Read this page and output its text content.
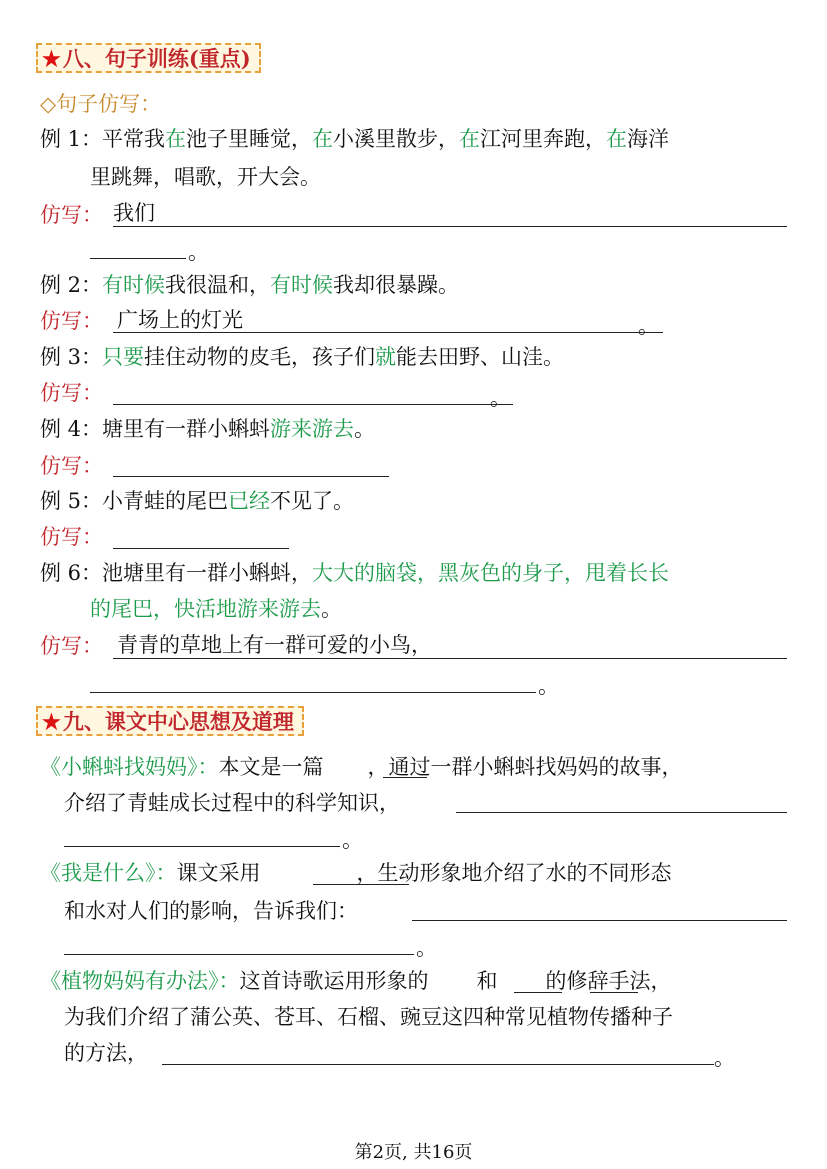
★ 八、句子训练(重点)
◇句子仿写：
例 1：平常我在池子里睡觉，在小溪里散步，在江河里奔跑，在海洋
里跳舞，唱歌，开大会。
仿写： 我们
。
例 2：有时候我很温和，有时候我却很暴躁。
仿写： 广场上的灯光	。
例 3：只要挂住动物的皮毛，孩子们就能去田野、山洼。
仿写：	。
例 4：塘里有一群小蝌蚪游来游去。
仿写：
例 5：小青蛙的尾巴已经不见了。
仿写：
例 6：池塘里有一群小蝌蚪，大大的脑袋，黑灰色的身子，甩着长长
的尾巴，快活地游来游去。
仿写： 青青的草地上有一群可爱的小鸟，
。
★ 九、课文中心思想及道理
《小蝌蚪找妈妈》：本文是一篇 ，通过一群小蝌蚪找妈妈的故事，
介绍了青蛙成长过程中的科学知识，
。
《我是什么》：课文采用	，生动形象地介绍了水的不同形态
和水对人们的影响，告诉我们：
。
《植物妈妈有办法》：这首诗歌运用形象的 和 的修辞手法，
为我们介绍了蒲公英、苍耳、石榴、豌豆这四种常见植物传播种子
的方法，	。
第2页, 共16页
